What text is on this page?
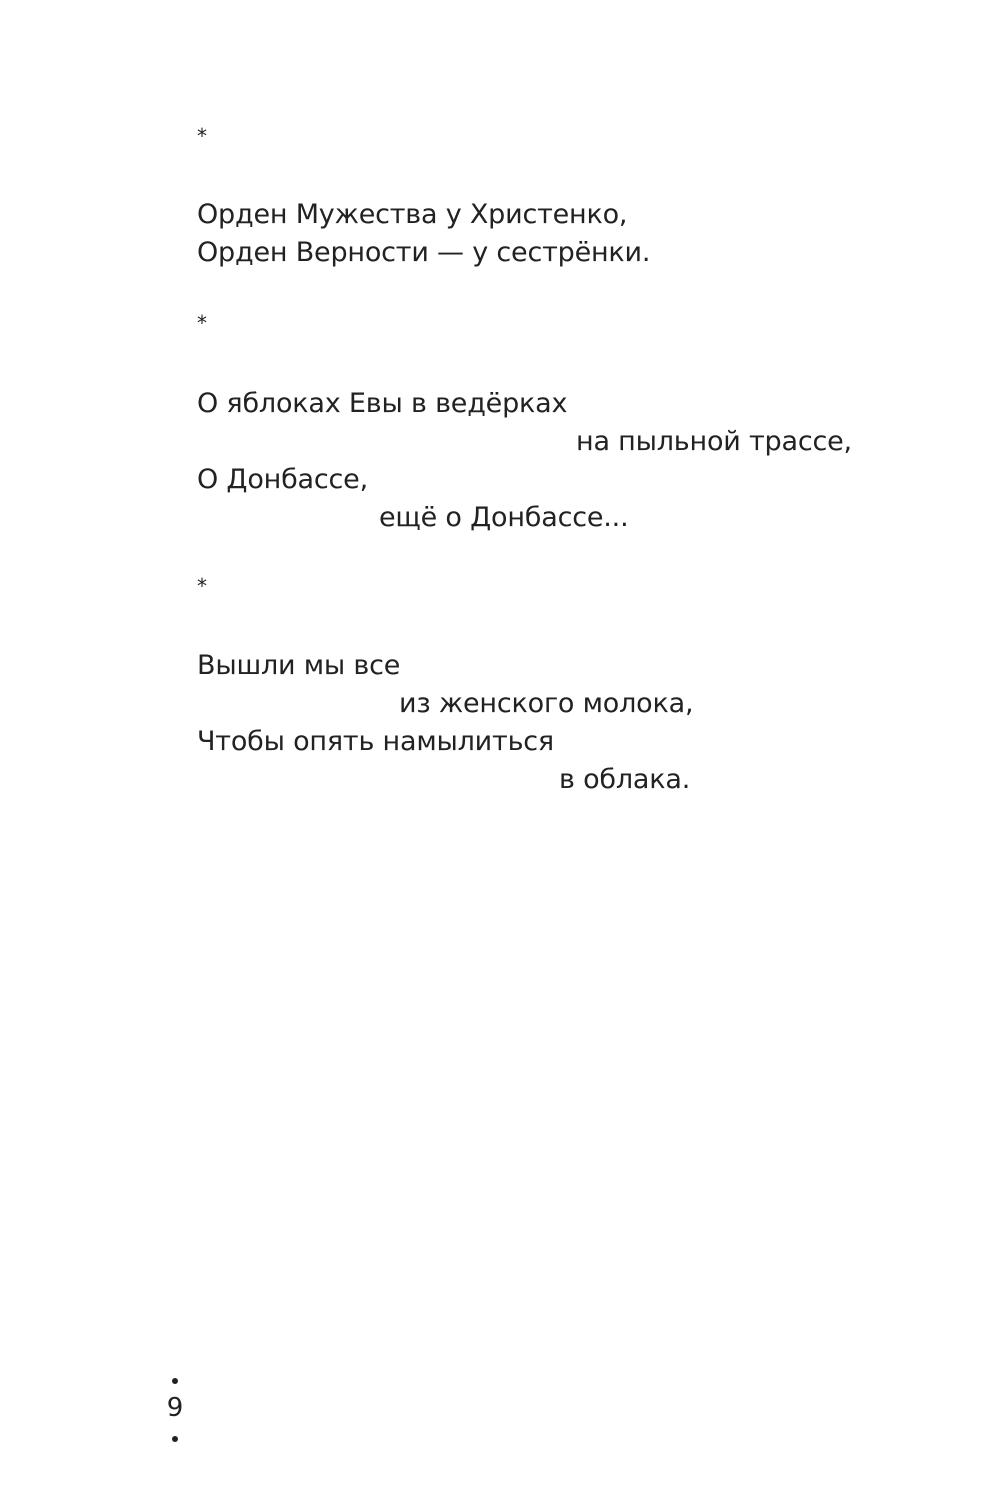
*
Орден Мужества у Христенко,
Орден Верности — у сестрёнки.
*
О яблоках Евы в ведёрках
на пыльной трассе,
О Донбассе,
ещё о Донбассе...
*
Вышли мы все
из женского молока,
Чтобы опять намылиться
в облака.
9
